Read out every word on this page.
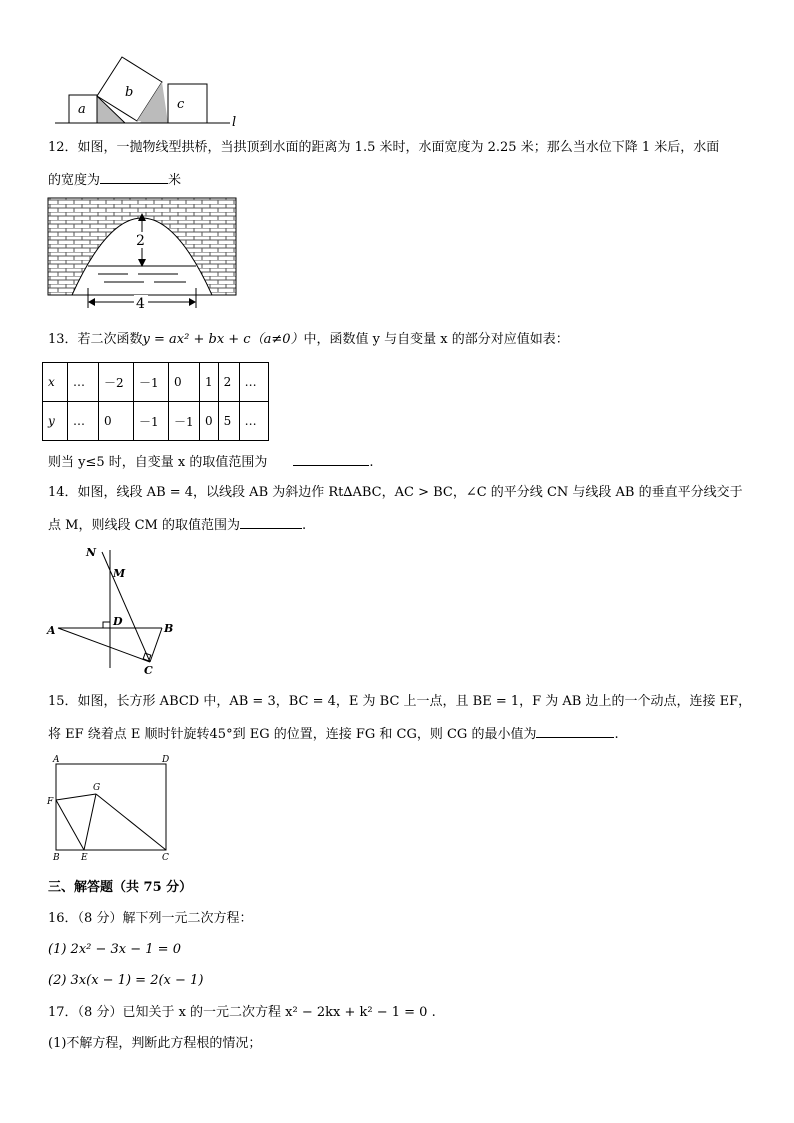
a
b
c
l
12．如图，一抛物线型拱桥，当拱顶到水面的距离为 1.5 米时，水面宽度为 2.25 米；那么当水位下降 1 米后，水面
的宽度为	米
2
4
13．若二次函数y = ax² + bx + c（a≠0）中，函数值 y 与自变量 x 的部分对应值如表：
x	…	－2	－1	0	1	2	…
y	…	0	－1	－1	0	5	…
则当 y≤5 时，自变量 x 的取值范围为	.
14．如图，线段 AB = 4，以线段 AB 为斜边作 Rt∆ABC，AC > BC，∠C 的平分线 CN 与线段 AB 的垂直平分线交于
点 M，则线段 CM 的取值范围为	.
N
M
A
D
B
C
15．如图，长方形 ABCD 中，AB = 3，BC = 4，E 为 BC 上一点，且 BE = 1，F 为 AB 边上的一个动点，连接 EF，
将 EF 绕着点 E 顺时针旋转45°到 EG 的位置，连接 FG 和 CG，则 CG 的最小值为	.
A	D
G
F
B E	C
三、解答题（共 75 分）
16．（8 分）解下列一元二次方程：
(1) 2x² − 3x − 1 = 0
(2) 3x(x − 1) = 2(x − 1)
17．（8 分）已知关于 x 的一元二次方程 x² − 2kx + k² − 1 = 0 .
(1)不解方程，判断此方程根的情况；
